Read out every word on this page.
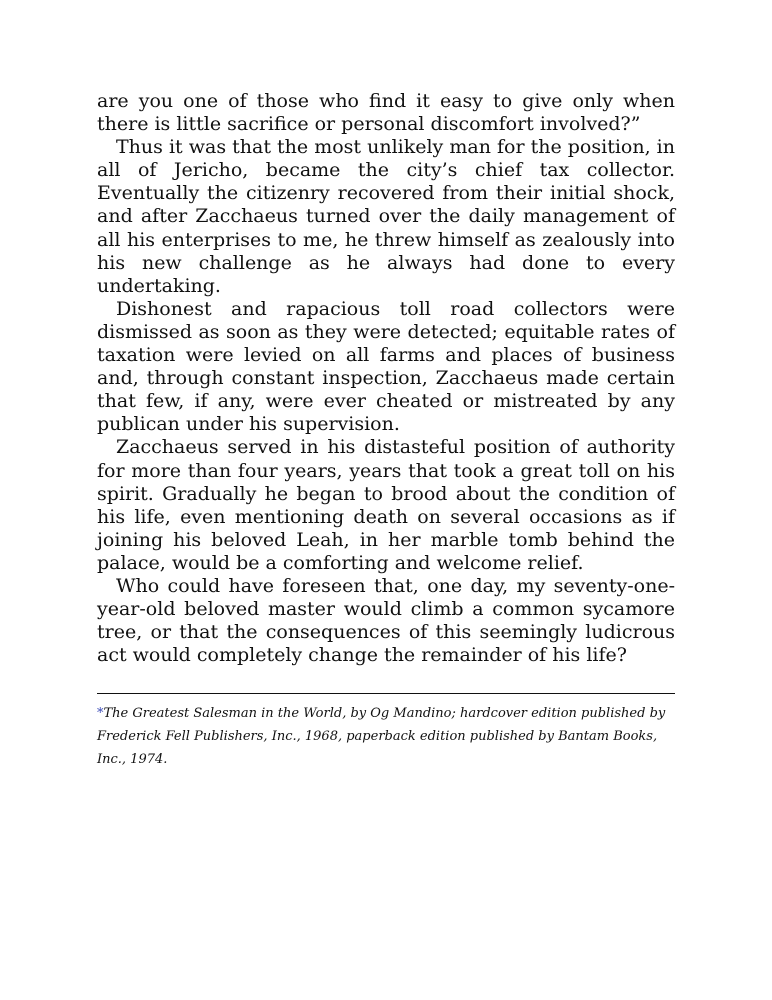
are you one of those who find it easy to give only when there is little sacrifice or personal discomfort involved?”

Thus it was that the most unlikely man for the position, in all of Jericho, became the city’s chief tax collector. Eventually the citizenry recovered from their initial shock, and after Zacchaeus turned over the daily management of all his enterprises to me, he threw himself as zealously into his new challenge as he always had done to every undertaking.

Dishonest and rapacious toll road collectors were dismissed as soon as they were detected; equitable rates of taxation were levied on all farms and places of business and, through constant inspection, Zacchaeus made certain that few, if any, were ever cheated or mistreated by any publican under his supervision.

Zacchaeus served in his distasteful position of authority for more than four years, years that took a great toll on his spirit. Gradually he began to brood about the condition of his life, even mentioning death on several occasions as if joining his beloved Leah, in her marble tomb behind the palace, would be a comforting and welcome relief.

Who could have foreseen that, one day, my seventy-one-year-old beloved master would climb a common sycamore tree, or that the consequences of this seemingly ludicrous act would completely change the remainder of his life?

*The Greatest Salesman in the World, by Og Mandino; hardcover edition published by Frederick Fell Publishers, Inc., 1968, paperback edition published by Bantam Books, Inc., 1974.
